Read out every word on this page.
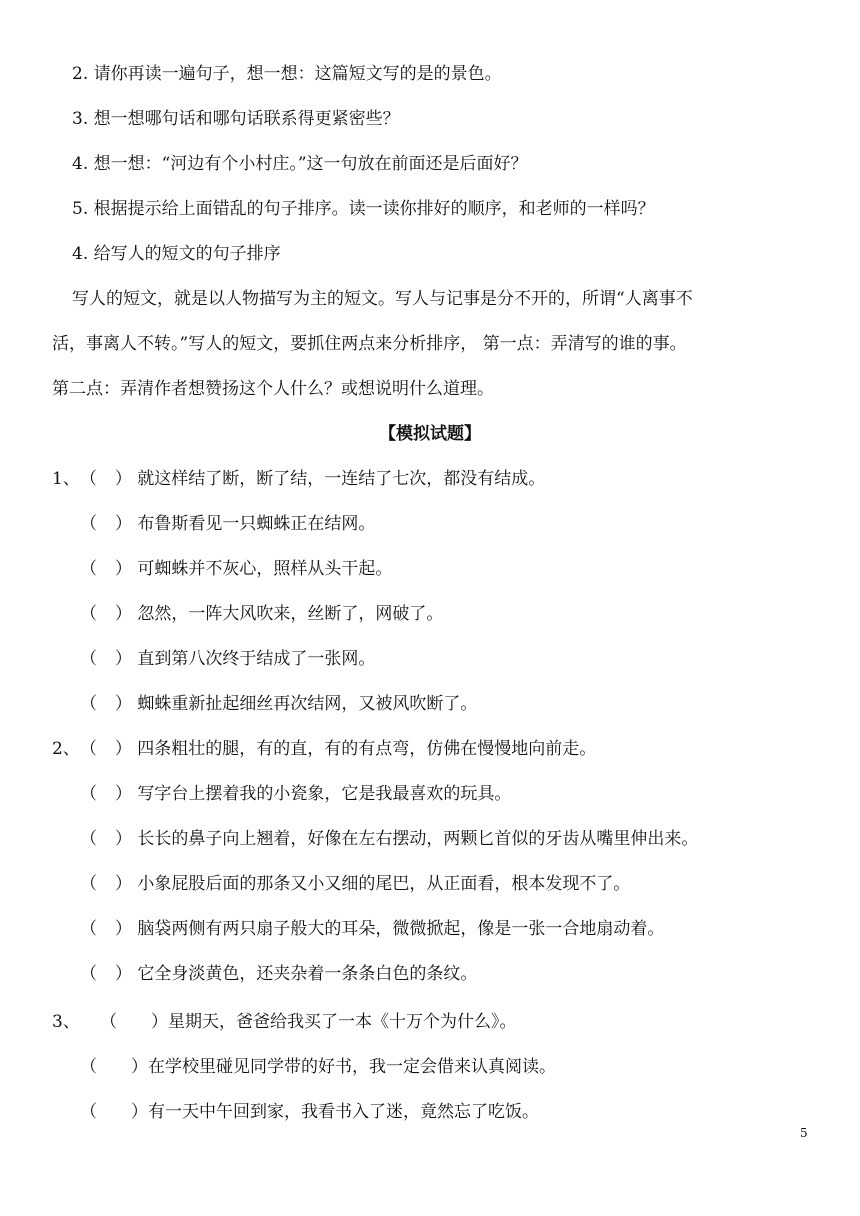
2. 请你再读一遍句子，想一想：这篇短文写的是的景色。
3. 想一想哪句话和哪句话联系得更紧密些？
4. 想一想：“河边有个小村庄。”这一句放在前面还是后面好？
5. 根据提示给上面错乱的句子排序。读一读你排好的顺序，和老师的一样吗？
4. 给写人的短文的句子排序
写人的短文，就是以人物描写为主的短文。写人与记事是分不开的，所谓“人离事不
活，事离人不转。”写人的短文，要抓住两点来分析排序， 第一点：弄清写的谁的事。
第二点：弄清作者想赞扬这个人什么？或想说明什么道理。
【模拟试题】
1、（ ） 就这样结了断，断了结，一连结了七次，都没有结成。
（ ） 布鲁斯看见一只蜘蛛正在结网。
（ ） 可蜘蛛并不灰心，照样从头干起。
（ ） 忽然，一阵大风吹来，丝断了，网破了。
（ ） 直到第八次终于结成了一张网。
（ ） 蜘蛛重新扯起细丝再次结网，又被风吹断了。
2、（ ） 四条粗壮的腿，有的直，有的有点弯，仿佛在慢慢地向前走。
（ ） 写字台上摆着我的小瓷象，它是我最喜欢的玩具。
（ ） 长长的鼻子向上翘着，好像在左右摆动，两颗匕首似的牙齿从嘴里伸出来。
（ ） 小象屁股后面的那条又小又细的尾巴，从正面看，根本发现不了。
（ ） 脑袋两侧有两只扇子般大的耳朵，微微掀起，像是一张一合地扇动着。
（ ） 它全身淡黄色，还夹杂着一条条白色的条纹。
3、 （ ）星期天，爸爸给我买了一本《十万个为什么》。
（ ）在学校里碰见同学带的好书，我一定会借来认真阅读。
（ ）有一天中午回到家，我看书入了迷，竟然忘了吃饭。
5
